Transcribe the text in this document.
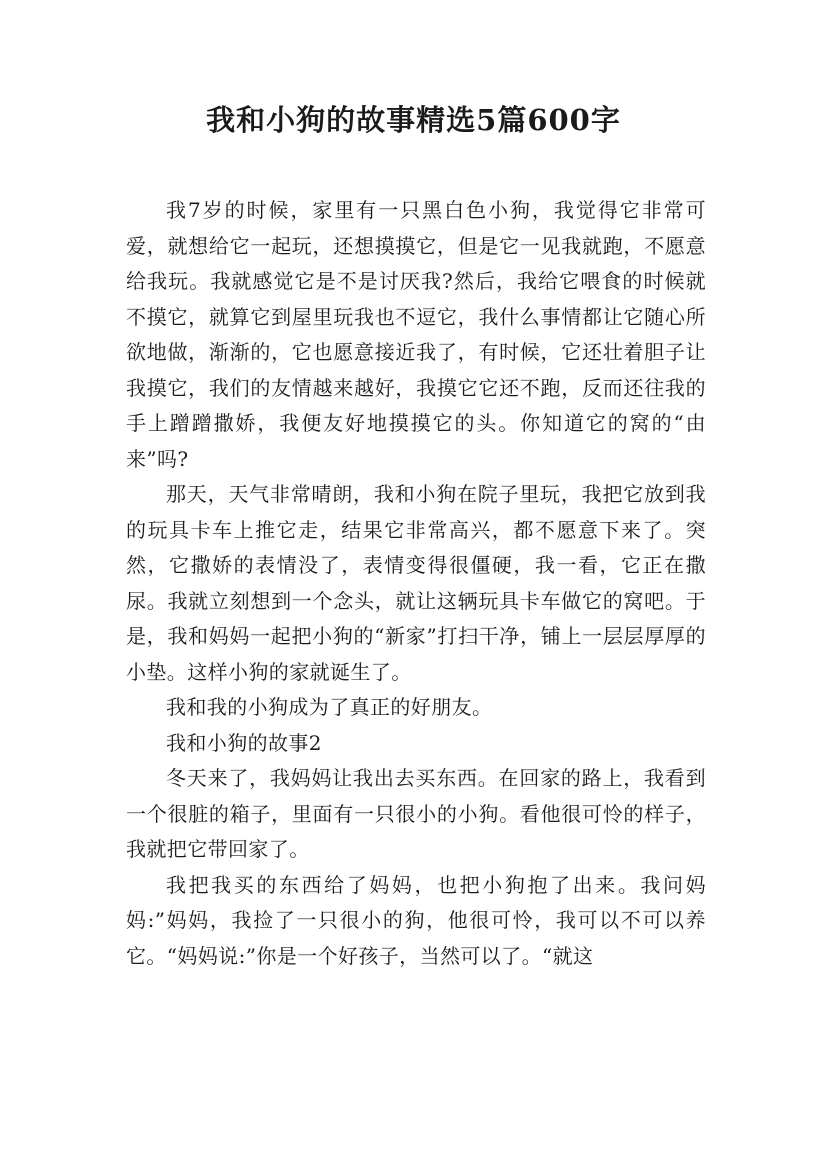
我和小狗的故事精选5篇600字

我7岁的时候，家里有一只黑白色小狗，我觉得它非常可爱，就想给它一起玩，还想摸摸它，但是它一见我就跑，不愿意给我玩。我就感觉它是不是讨厌我?然后，我给它喂食的时候就不摸它，就算它到屋里玩我也不逗它，我什么事情都让它随心所欲地做，渐渐的，它也愿意接近我了，有时候，它还壮着胆子让我摸它，我们的友情越来越好，我摸它它还不跑，反而还往我的手上蹭蹭撒娇，我便友好地摸摸它的头。你知道它的窝的“由来”吗?

那天，天气非常晴朗，我和小狗在院子里玩，我把它放到我的玩具卡车上推它走，结果它非常高兴，都不愿意下来了。突然，它撒娇的表情没了，表情变得很僵硬，我一看，它正在撒尿。我就立刻想到一个念头，就让这辆玩具卡车做它的窝吧。于是，我和妈妈一起把小狗的“新家”打扫干净，铺上一层层厚厚的小垫。这样小狗的家就诞生了。

我和我的小狗成为了真正的好朋友。

我和小狗的故事2

冬天来了，我妈妈让我出去买东西。在回家的路上，我看到一个很脏的箱子，里面有一只很小的小狗。看他很可怜的样子，我就把它带回家了。

我把我买的东西给了妈妈，也把小狗抱了出来。我问妈妈:”妈妈，我捡了一只很小的狗，他很可怜，我可以不可以养它。“妈妈说:”你是一个好孩子，当然可以了。“就这
